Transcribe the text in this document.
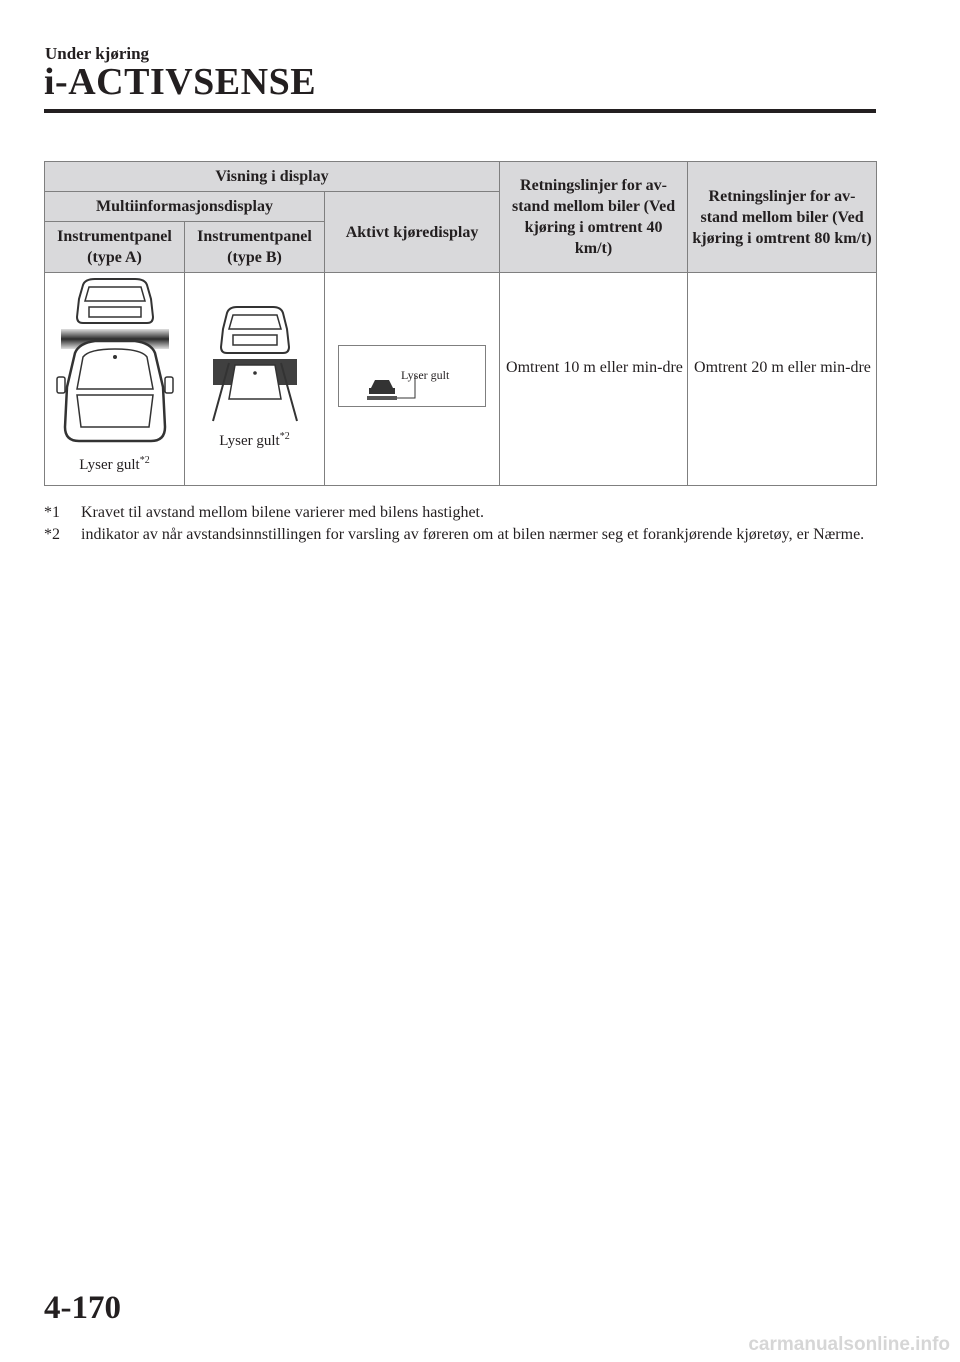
Under kjøring
i-ACTIVSENSE
Visning i display			Retningslinjer for av-stand mellom biler (Ved kjøring i omtrent 40 km/t)	Retningslinjer for av-stand mellom biler (Ved kjøring i omtrent 80 km/t)
Multiinformasjonsdisplay		Aktivt kjøredisplay		
Instrumentpanel (type A)	Instrumentpanel (type B)			

Lyser gult$^{*2}$	Lyser gult$^{*2}$	Lyser gult	Omtrent 10 m eller min-dre	Omtrent 20 m eller min-dre
*1	Kravet til avstand mellom bilene varierer med bilens hastighet.
*2	indikator av når avstandsinnstillingen for varsling av føreren om at bilen nærmer seg et forankjørende kjøretøy, er Nærme.
4-170
carmanualsonline.info
